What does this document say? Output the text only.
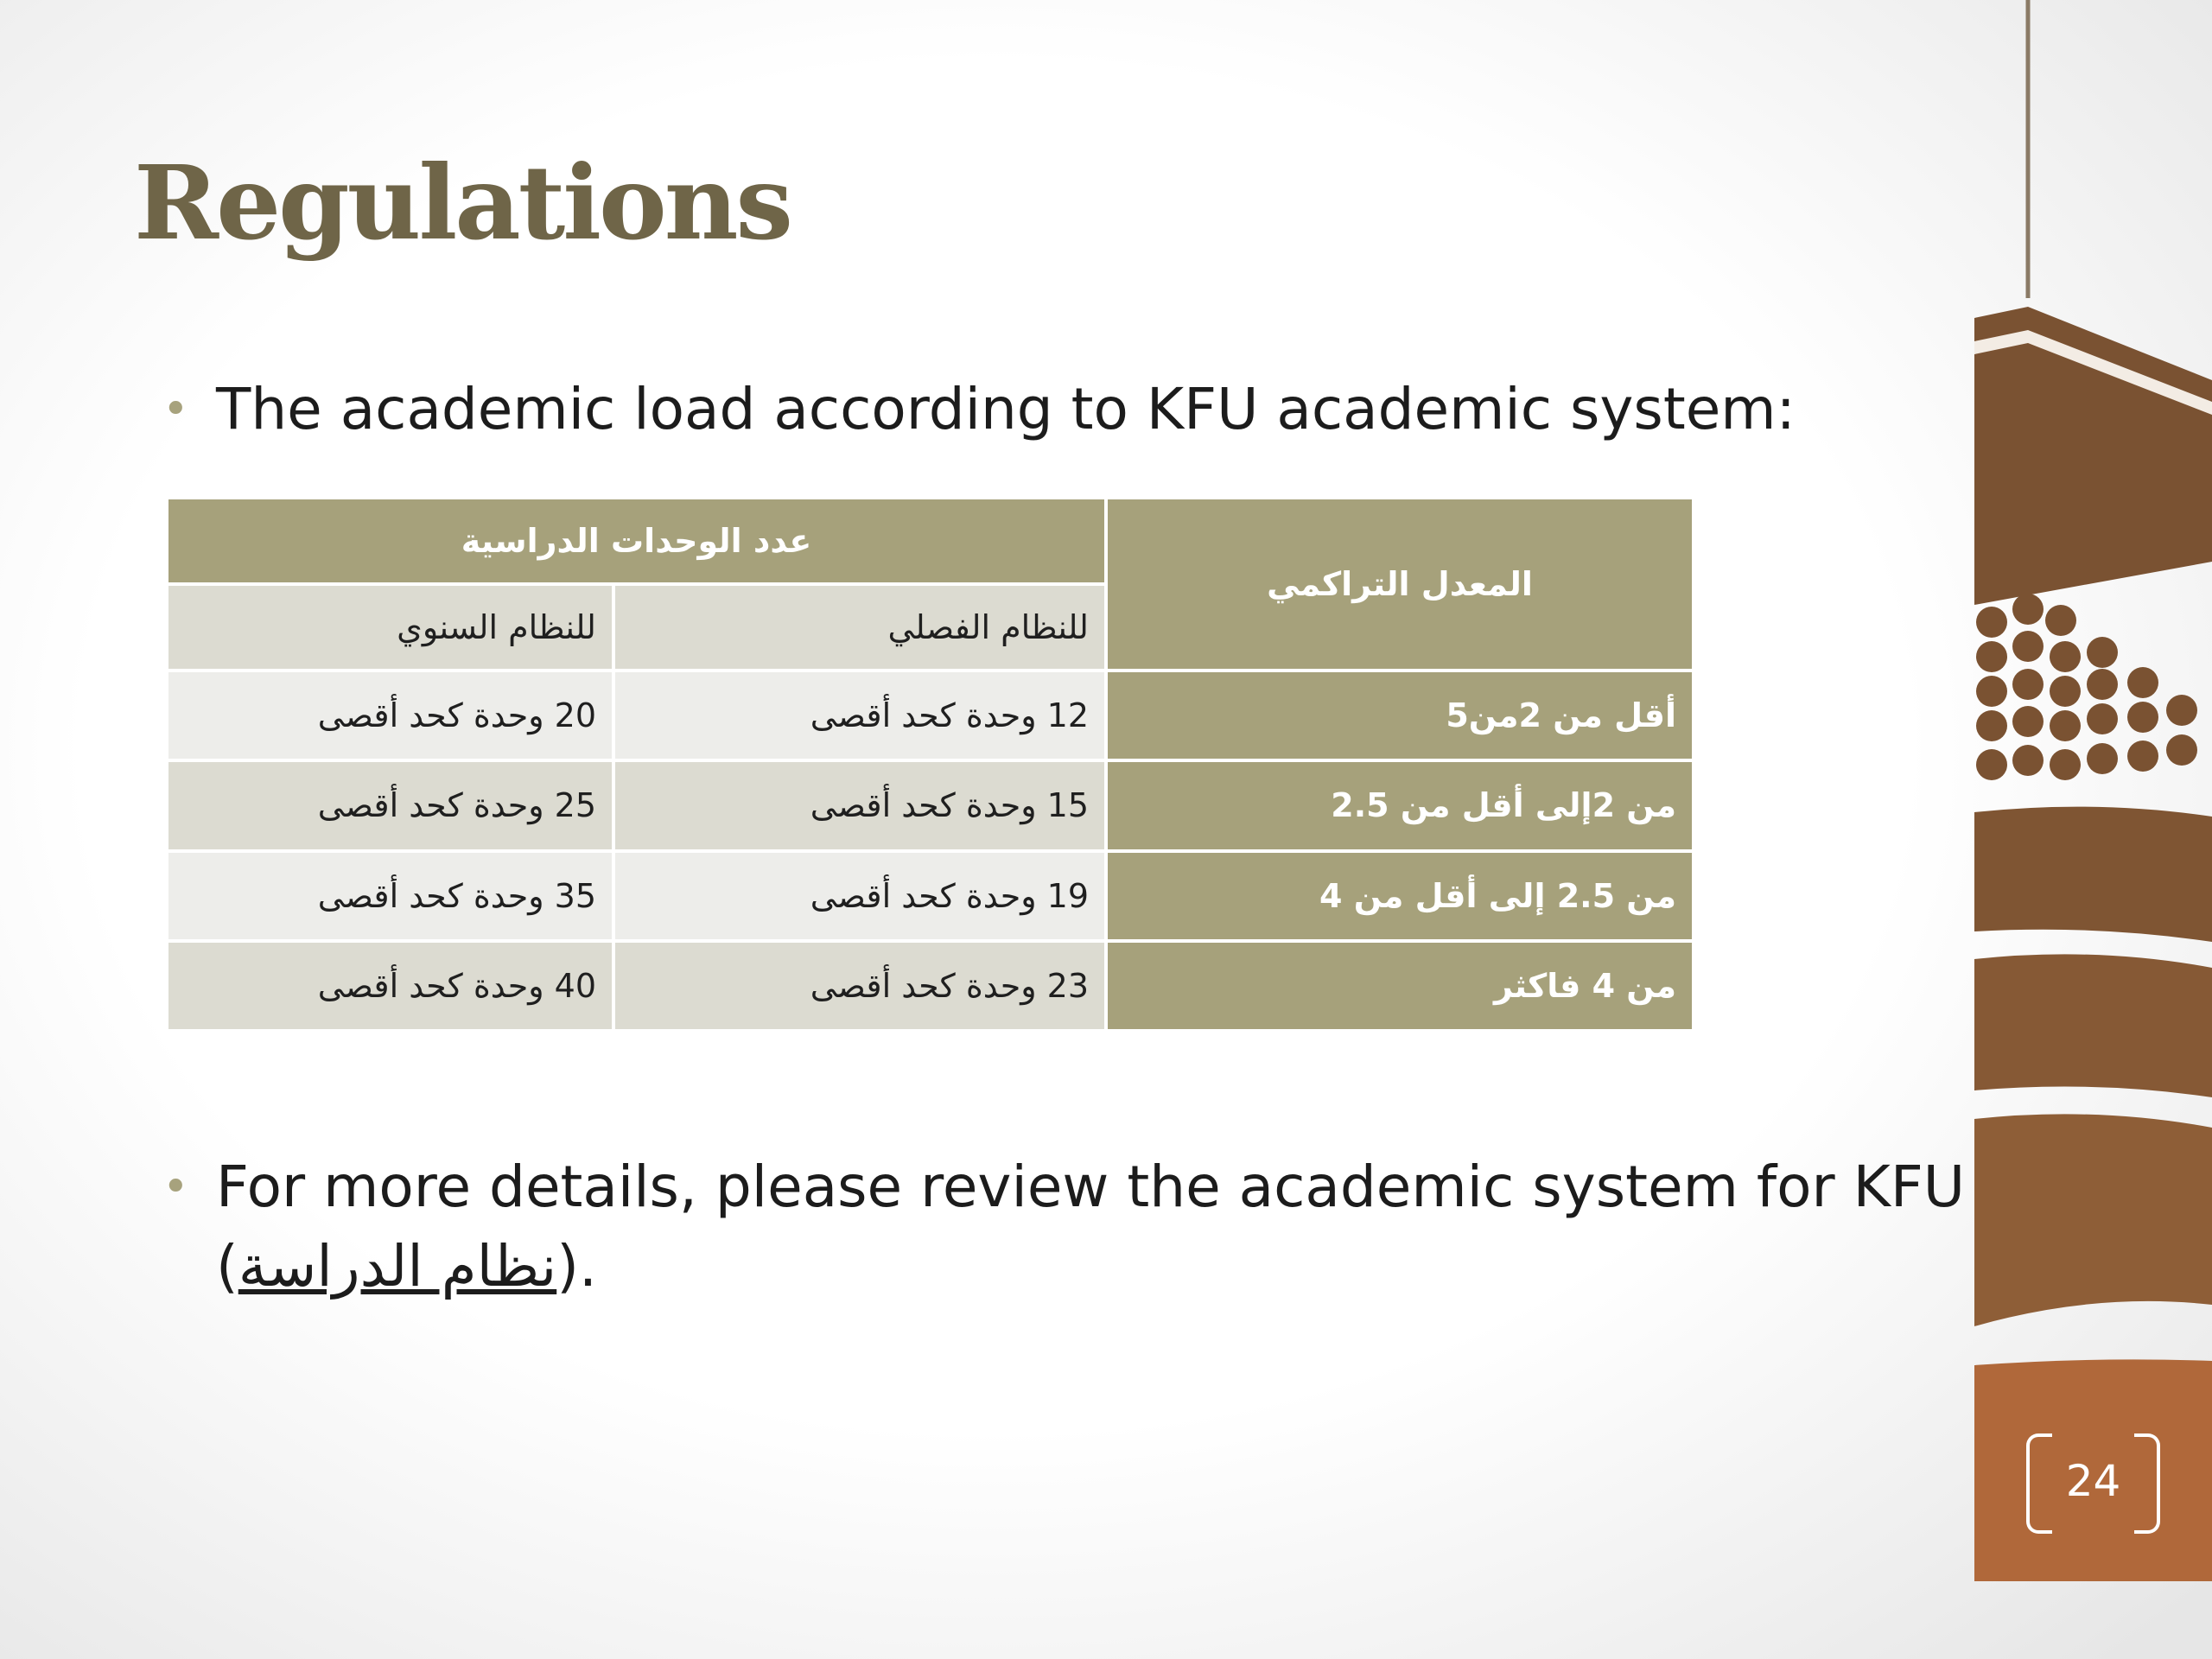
Regulations
• The academic load according to KFU academic system:
المعدل التراكمي	عدد الوحدات الدراسية	
	للنظام الفصلي	للنظام السنوي
أقل من 2من5	12 وحدة كحد أقصى	20 وحدة كحد أقصى
من 2إلى أقل من 2.5	15 وحدة كحد أقصى	25 وحدة كحد أقصى
من 2.5 إلى أقل من 4	19 وحدة كحد أقصى	35 وحدة كحد أقصى
من 4 فاكثر	23 وحدة كحد أقصى	40 وحدة كحد أقصى
• For more details, please review the academic system for KFU
(نظام الدراسة).
24
